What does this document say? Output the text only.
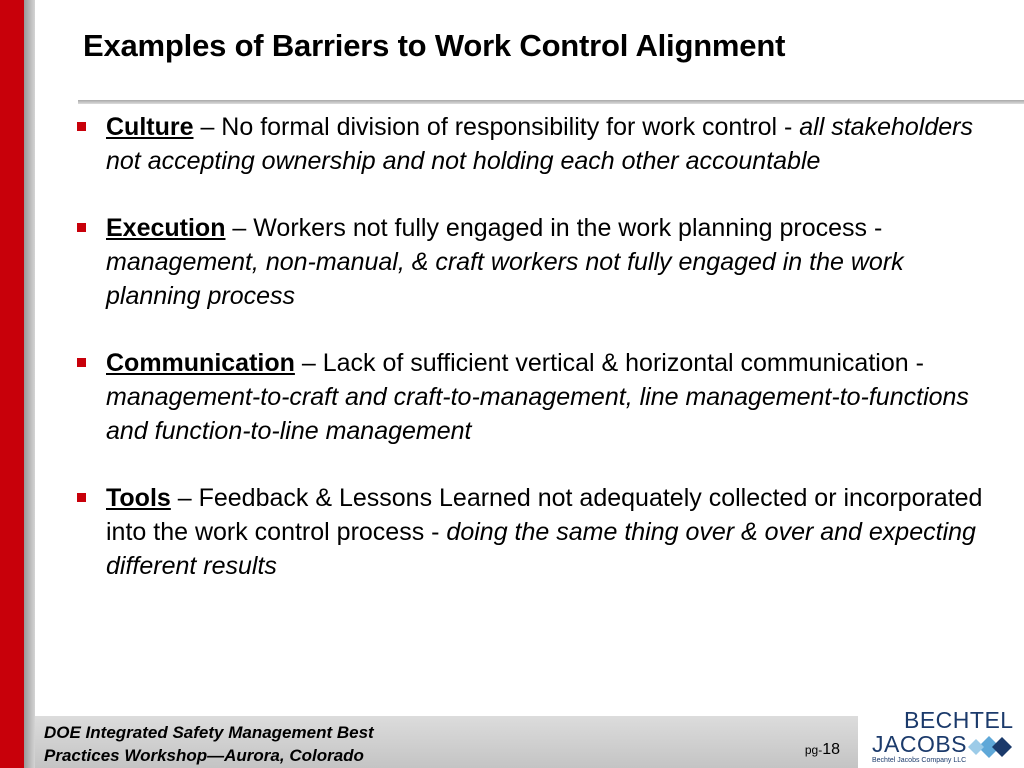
Examples of Barriers to Work Control Alignment
Culture – No formal division of responsibility for work control - all stakeholders not accepting ownership and not holding each other accountable
Execution – Workers not fully engaged in the work planning process - management, non-manual, & craft workers not fully engaged in the work planning process
Communication – Lack of sufficient vertical & horizontal communication - management-to-craft and craft-to-management, line management-to-functions and function-to-line management
Tools – Feedback & Lessons Learned not adequately collected or incorporated into the work control process - doing the same thing over & over and expecting different results
DOE Integrated Safety Management Best
Practices Workshop—Aurora, Colorado	pg-18
BECHTEL
JACOBS
Bechtel Jacobs Company LLC
